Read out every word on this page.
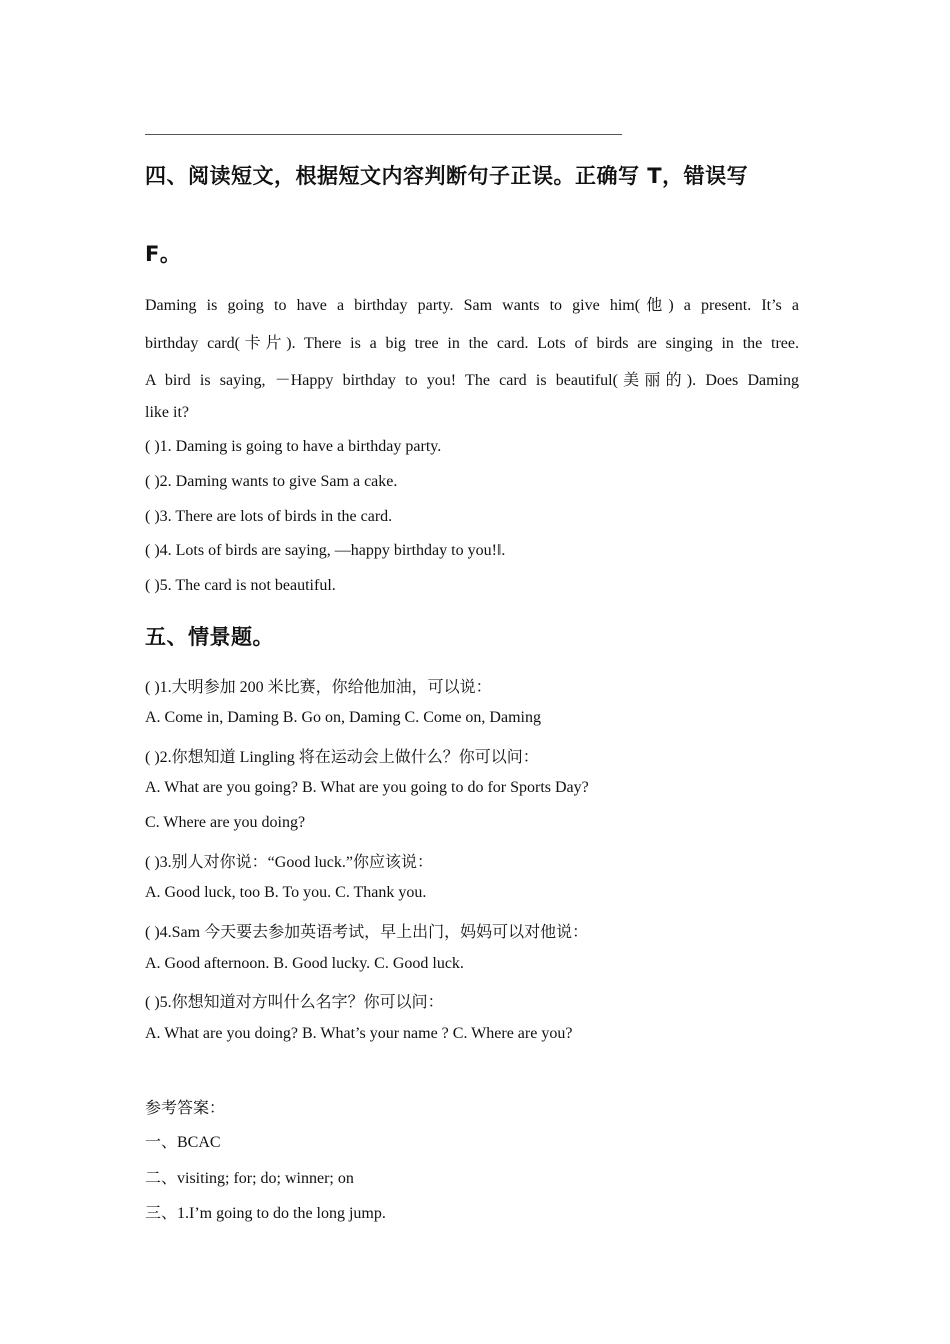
四、阅读短文，根据短文内容判断句子正误。正确写 T，错误写
F。
Daming is going to have a birthday party. Sam wants to give him(他) a present. It’s a
birthday card(卡片). There is a big tree in the card. Lots of birds are singing in the tree.
A bird is saying, －Happy birthday to you! The card is beautiful(美丽的). Does Daming
like it?
( )1. Daming is going to have a birthday party.
( )2. Daming wants to give Sam a cake.
( )3. There are lots of birds in the card.
( )4. Lots of birds are saying, ―happy birthday to you!‖.
( )5. The card is not beautiful.
五、情景题。
( )1.大明参加 200 米比赛，你给他加油，可以说：
A. Come in, Daming B. Go on, Daming C. Come on, Daming
( )2.你想知道 Lingling 将在运动会上做什么？你可以问：
A. What are you going? B. What are you going to do for Sports Day?
C. Where are you doing?
( )3.别人对你说：“Good luck.”你应该说：
A. Good luck, too B. To you. C. Thank you.
( )4.Sam 今天要去参加英语考试，早上出门，妈妈可以对他说：
A. Good afternoon. B. Good lucky. C. Good luck.
( )5.你想知道对方叫什么名字？你可以问：
A. What are you doing? B. What’s your name ? C. Where are you?
参考答案：
一、BCAC
二、visiting; for; do; winner; on
三、1.I’m going to do the long jump.
